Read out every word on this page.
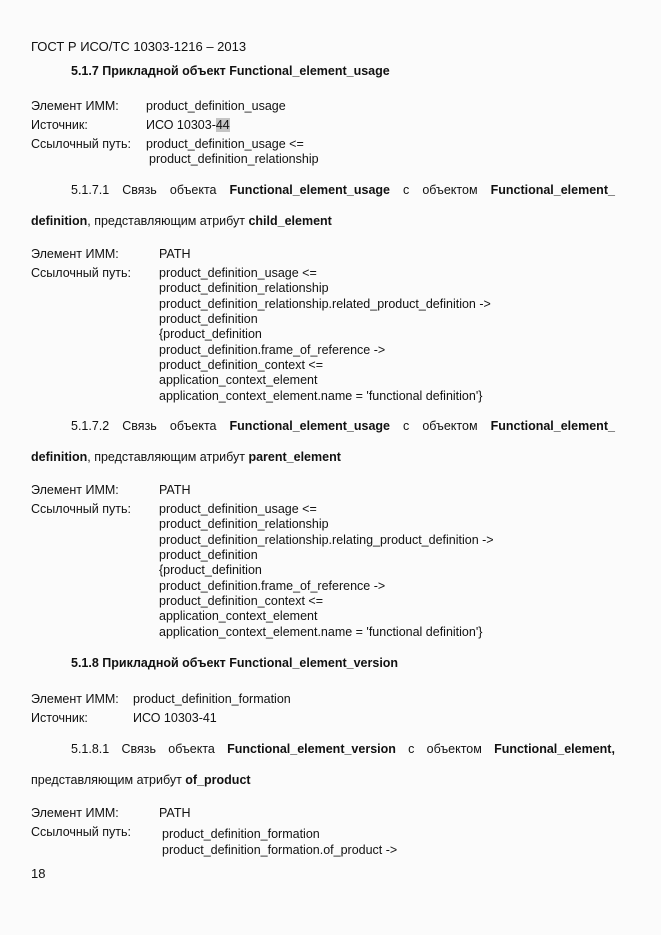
ГОСТ Р ИСО/ТС 10303-1216 – 2013
5.1.7 Прикладной объект Functional_element_usage
Элемент ИММ: product_definition_usage
Источник:	ИСО 10303-44
Ссылочный путь: product_definition_usage <=
product_definition_relationship
5.1.7.1 Связь объекта Functional_element_usage с объектом Functional_element_
definition, представляющим атрибут child_element
Элемент ИММ:	PATH
Ссылочный путь: product_definition_usage <=
product_definition_relationship
product_definition_relationship.related_product_definition ->
product_definition
{product_definition
product_definition.frame_of_reference ->
product_definition_context <=
application_context_element
application_context_element.name = 'functional definition'}
5.1.7.2 Связь объекта Functional_element_usage с объектом Functional_element_
definition, представляющим атрибут parent_element
Элемент ИММ:	PATH
Ссылочный путь: product_definition_usage <=
product_definition_relationship
product_definition_relationship.relating_product_definition ->
product_definition
{product_definition
product_definition.frame_of_reference ->
product_definition_context <=
application_context_element
application_context_element.name = 'functional definition'}
5.1.8 Прикладной объект Functional_element_version
Элемент ИММ: product_definition_formation
Источник:	ИСО 10303-41
5.1.8.1 Связь объекта Functional_element_version с объектом Functional_element,
представляющим атрибут of_product
Элемент ИММ:	PATH
Ссылочный путь: product_definition_formation
product_definition_formation.of_product ->
18
